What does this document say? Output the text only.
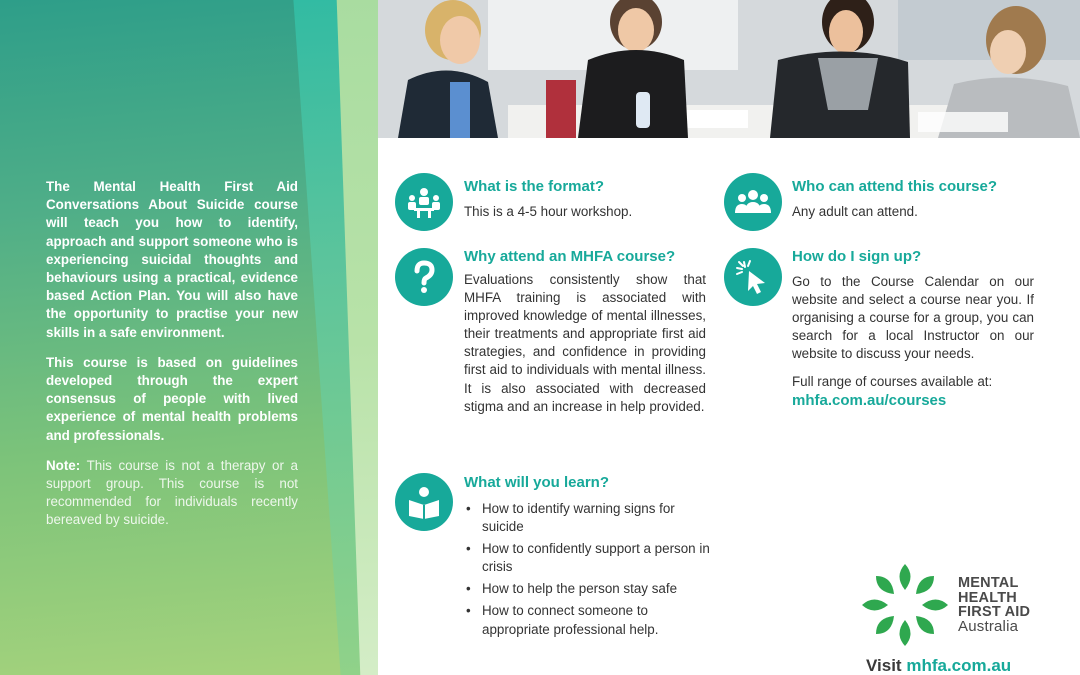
The Mental Health First Aid Conversations About Suicide course will teach you how to identify, approach and support someone who is experiencing suicidal thoughts and behaviours using a practical, evidence based Action Plan. You will also have the opportunity to practise your new skills in a safe environment.

This course is based on guidelines developed through the expert consensus of people with lived experience of mental health problems and professionals.

Note: This course is not a therapy or a support group. This course is not recommended for individuals recently bereaved by suicide.

What is the format?
This is a 4-5 hour workshop.
Why attend an MHFA course?
Evaluations consistently show that MHFA training is associated with improved knowledge of mental illnesses, their treatments and appropriate first aid strategies, and confidence in providing first aid to individuals with mental illness. It is also associated with decreased stigma and an increase in help provided.
What will you learn?
• How to identify warning signs for suicide
• How to confidently support a person in crisis
• How to help the person stay safe
• How to connect someone to appropriate professional help.
Who can attend this course?
Any adult can attend.
How do I sign up?

Go to the Course Calendar on our website and select a course near you. If organising a course for a group, you can search for a local Instructor on our website to discuss your needs.

Full range of courses available at:

mhfa.com.au/courses

MENTAL
HEALTH
FIRST AID
Australia
Visit mhfa.com.au
